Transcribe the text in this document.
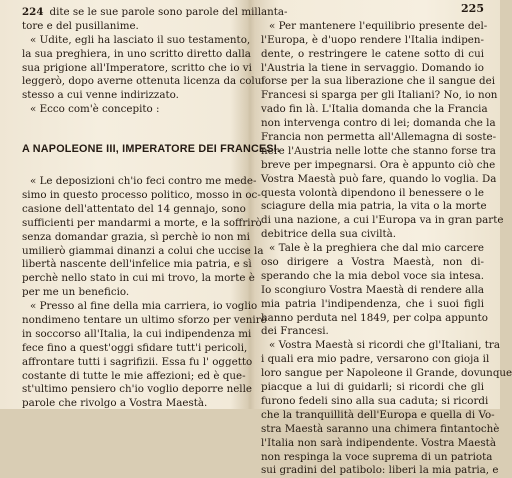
224 dite se le sue parole sono parole del millanta-
tore e del pusillanime.
« Udite, egli ha lasciato il suo testamento,
la sua preghiera, in uno scritto diretto dalla
sua prigione all'Imperatore, scritto che io vi
leggerò, dopo averne ottenuta licenza da colui
stesso a cui venne indirizzato.
« Ecco com'è concepito :
A NAPOLEONE III, IMPERATORE DEI FRANCESI.
« Le deposizioni ch'io feci contro me mede-
simo in questo processo politico, mosso in oc-
casione dell'attentato del 14 gennajo, sono
sufficienti per mandarmi a morte, e la soffrirò
senza domandar grazia, sì perchè io non mi
umilierò giammai dinanzi a colui che uccise la
libertà nascente dell'infelice mia patria, e sì
perchè nello stato in cui mi trovo, la morte è
per me un beneficio.
« Presso al fine della mia carriera, io voglio
nondimeno tentare un ultimo sforzo per venire
in soccorso all'Italia, la cui indipendenza mi
fece fino a quest'oggi sfidare tutt'i pericoli,
affrontare tutti i sagrifizii. Essa fu l' oggetto
costante di tutte le mie affezioni; ed è que-
st'ultimo pensiero ch'io voglio deporre nelle
parole che rivolgo a Vostra Maestà.
225
« Per mantenere l'equilibrio presente del-
l'Europa, è d'uopo rendere l'Italia indipen-
dente, o restringere le catene sotto di cui
l'Austria la tiene in servaggio. Domando io
forse per la sua liberazione che il sangue dei
Francesi si sparga per gli Italiani? No, io non
vado fin là. L'Italia domanda che la Francia
non intervenga contro di lei; domanda che la
Francia non permetta all'Allemagna di soste-
nere l'Austria nelle lotte che stanno forse tra
breve per impegnarsi. Ora è appunto ciò che
Vostra Maestà può fare, quando lo voglia. Da
questa volontà dipendono il benessere o le
sciagure della mia patria, la vita o la morte
di una nazione, a cui l'Europa va in gran parte
debitrice della sua civiltà.
« Tale è la preghiera che dal mio carcere
oso dirigere a Vostra Maestà, non di-
sperando che la mia debol voce sia intesa.
Io scongiuro Vostra Maestà di rendere alla
mia patria l'indipendenza, che i suoi figli
hanno perduta nel 1849, per colpa appunto
dei Francesi.
« Vostra Maestà si ricordi che gl'Italiani, tra
i quali era mio padre, versarono con gioja il
loro sangue per Napoleone il Grande, dovunque
piacque a lui di guidarli; si ricordi che gli
furono fedeli sino alla sua caduta; si ricordi
che la tranquillità dell'Europa e quella di Vo-
stra Maestà saranno una chimera fintantochè
l'Italia non sarà indipendente. Vostra Maestà
non respinga la voce suprema di un patriota
sui gradini del patibolo: liberi la mia patria, e
